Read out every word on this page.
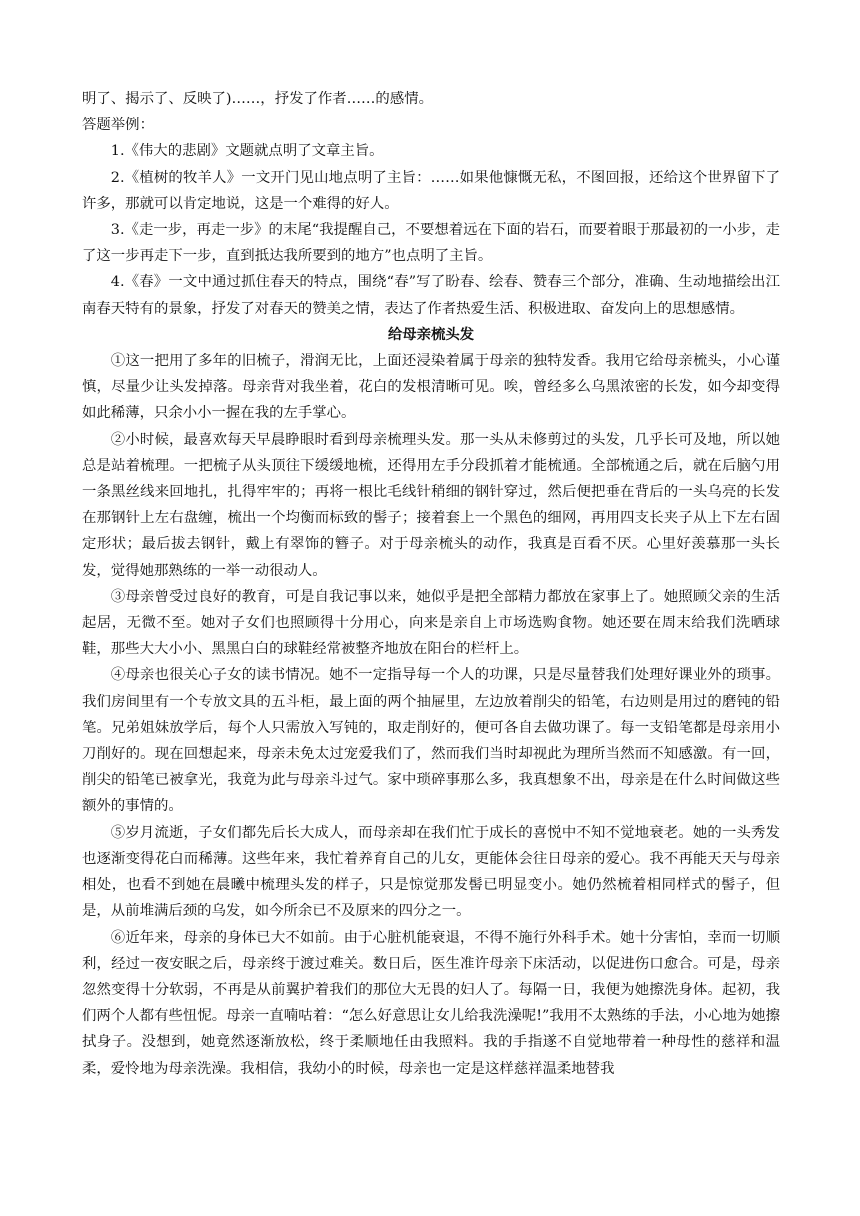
明了、揭示了、反映了)……，抒发了作者……的感情。

答题举例：

1.《伟大的悲剧》文题就点明了文章主旨。

2.《植树的牧羊人》一文开门见山地点明了主旨：……如果他慷慨无私，不图回报，还给这个世界留下了许多，那就可以肯定地说，这是一个难得的好人。

3.《走一步，再走一步》的末尾“我提醒自己，不要想着远在下面的岩石，而要着眼于那最初的一小步，走了这一步再走下一步，直到抵达我所要到的地方”也点明了主旨。

4.《春》一文中通过抓住春天的特点，围绕“春”写了盼春、绘春、赞春三个部分，准确、生动地描绘出江南春天特有的景象，抒发了对春天的赞美之情，表达了作者热爱生活、积极进取、奋发向上的思想感情。

给母亲梳头发

①这一把用了多年的旧梳子，滑润无比，上面还浸染着属于母亲的独特发香。我用它给母亲梳头，小心谨慎，尽量少让头发掉落。母亲背对我坐着，花白的发根清晰可见。唉，曾经多么乌黑浓密的长发，如今却变得如此稀薄，只余小小一握在我的左手掌心。

②小时候，最喜欢每天早晨睁眼时看到母亲梳理头发。那一头从未修剪过的头发，几乎长可及地，所以她总是站着梳理。一把梳子从头顶往下缓缓地梳，还得用左手分段抓着才能梳通。全部梳通之后，就在后脑勺用一条黑丝线来回地扎，扎得牢牢的；再将一根比毛线针稍细的钢针穿过，然后便把垂在背后的一头乌亮的长发在那钢针上左右盘缠，梳出一个均衡而标致的髻子；接着套上一个黑色的细网，再用四支长夹子从上下左右固定形状；最后拔去钢针，戴上有翠饰的簪子。对于母亲梳头的动作，我真是百看不厌。心里好羡慕那一头长发，觉得她那熟练的一举一动很动人。

③母亲曾受过良好的教育，可是自我记事以来，她似乎是把全部精力都放在家事上了。她照顾父亲的生活起居，无微不至。她对子女们也照顾得十分用心，向来是亲自上市场选购食物。她还要在周末给我们洗晒球鞋，那些大大小小、黑黑白白的球鞋经常被整齐地放在阳台的栏杆上。

④母亲也很关心子女的读书情况。她不一定指导每一个人的功课，只是尽量替我们处理好课业外的琐事。我们房间里有一个专放文具的五斗柜，最上面的两个抽屉里，左边放着削尖的铅笔，右边则是用过的磨钝的铅笔。兄弟姐妹放学后，每个人只需放入写钝的，取走削好的，便可各自去做功课了。每一支铅笔都是母亲用小刀削好的。现在回想起来，母亲未免太过宠爱我们了，然而我们当时却视此为理所当然而不知感激。有一回，削尖的铅笔已被拿光，我竟为此与母亲斗过气。家中琐碎事那么多，我真想象不出，母亲是在什么时间做这些额外的事情的。

⑤岁月流逝，子女们都先后长大成人，而母亲却在我们忙于成长的喜悦中不知不觉地衰老。她的一头秀发也逐渐变得花白而稀薄。这些年来，我忙着养育自己的儿女，更能体会往日母亲的爱心。我不再能天天与母亲相处，也看不到她在晨曦中梳理头发的样子，只是惊觉那发髻已明显变小。她仍然梳着相同样式的髻子，但是，从前堆满后颈的乌发，如今所余已不及原来的四分之一。

⑥近年来，母亲的身体已大不如前。由于心脏机能衰退，不得不施行外科手术。她十分害怕，幸而一切顺利，经过一夜安眠之后，母亲终于渡过难关。数日后，医生准许母亲下床活动，以促进伤口愈合。可是，母亲忽然变得十分软弱，不再是从前翼护着我们的那位大无畏的妇人了。每隔一日，我便为她擦洗身体。起初，我们两个人都有些忸怩。母亲一直喃咕着：“怎么好意思让女儿给我洗澡呢!”我用不太熟练的手法，小心地为她擦拭身子。没想到，她竟然逐渐放松，终于柔顺地任由我照料。我的手指遂不自觉地带着一种母性的慈祥和温柔，爱怜地为母亲洗澡。我相信，我幼小的时候，母亲也一定是这样慈祥温柔地替我
